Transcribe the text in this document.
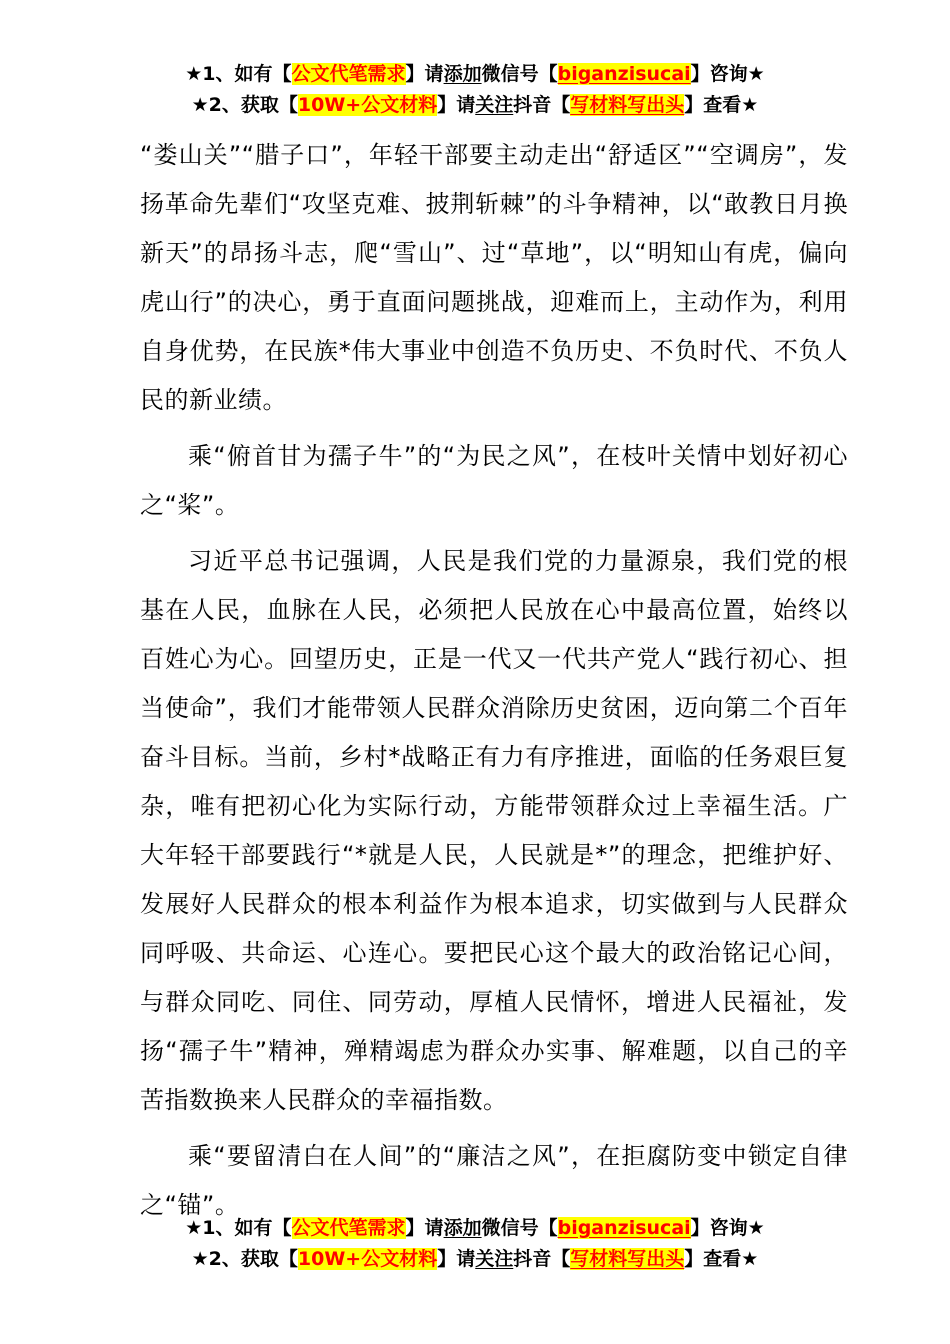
★1、如有【公文代笔需求】请添加微信号【biganzisucai】咨询★

★2、获取【10W+公文材料】请关注抖音【写材料写出头】查看★

“娄山关”“腊子口”，年轻干部要主动走出“舒适区”“空调房”，发扬革命先辈们“攻坚克难、披荆斩棘”的斗争精神，以“敢教日月换新天”的昂扬斗志，爬“雪山”、过“草地”，以“明知山有虎，偏向虎山行”的决心，勇于直面问题挑战，迎难而上，主动作为，利用自身优势，在民族*伟大事业中创造不负历史、不负时代、不负人民的新业绩。

乘“俯首甘为孺子牛”的“为民之风”，在枝叶关情中划好初心之“桨”。

习近平总书记强调，人民是我们党的力量源泉，我们党的根基在人民，血脉在人民，必须把人民放在心中最高位置，始终以百姓心为心。回望历史，正是一代又一代共产党人“践行初心、担当使命”，我们才能带领人民群众消除历史贫困，迈向第二个百年奋斗目标。当前，乡村*战略正有力有序推进，面临的任务艰巨复杂，唯有把初心化为实际行动，方能带领群众过上幸福生活。广大年轻干部要践行“*就是人民，人民就是*”的理念，把维护好、发展好人民群众的根本利益作为根本追求，切实做到与人民群众同呼吸、共命运、心连心。要把民心这个最大的政治铭记心间，与群众同吃、同住、同劳动，厚植人民情怀，增进人民福祉，发扬“孺子牛”精神，殚精竭虑为群众办实事、解难题，以自己的辛苦指数换来人民群众的幸福指数。

乘“要留清白在人间”的“廉洁之风”，在拒腐防变中锁定自律之“锚”。

★1、如有【公文代笔需求】请添加微信号【biganzisucai】咨询★

★2、获取【10W+公文材料】请关注抖音【写材料写出头】查看★
